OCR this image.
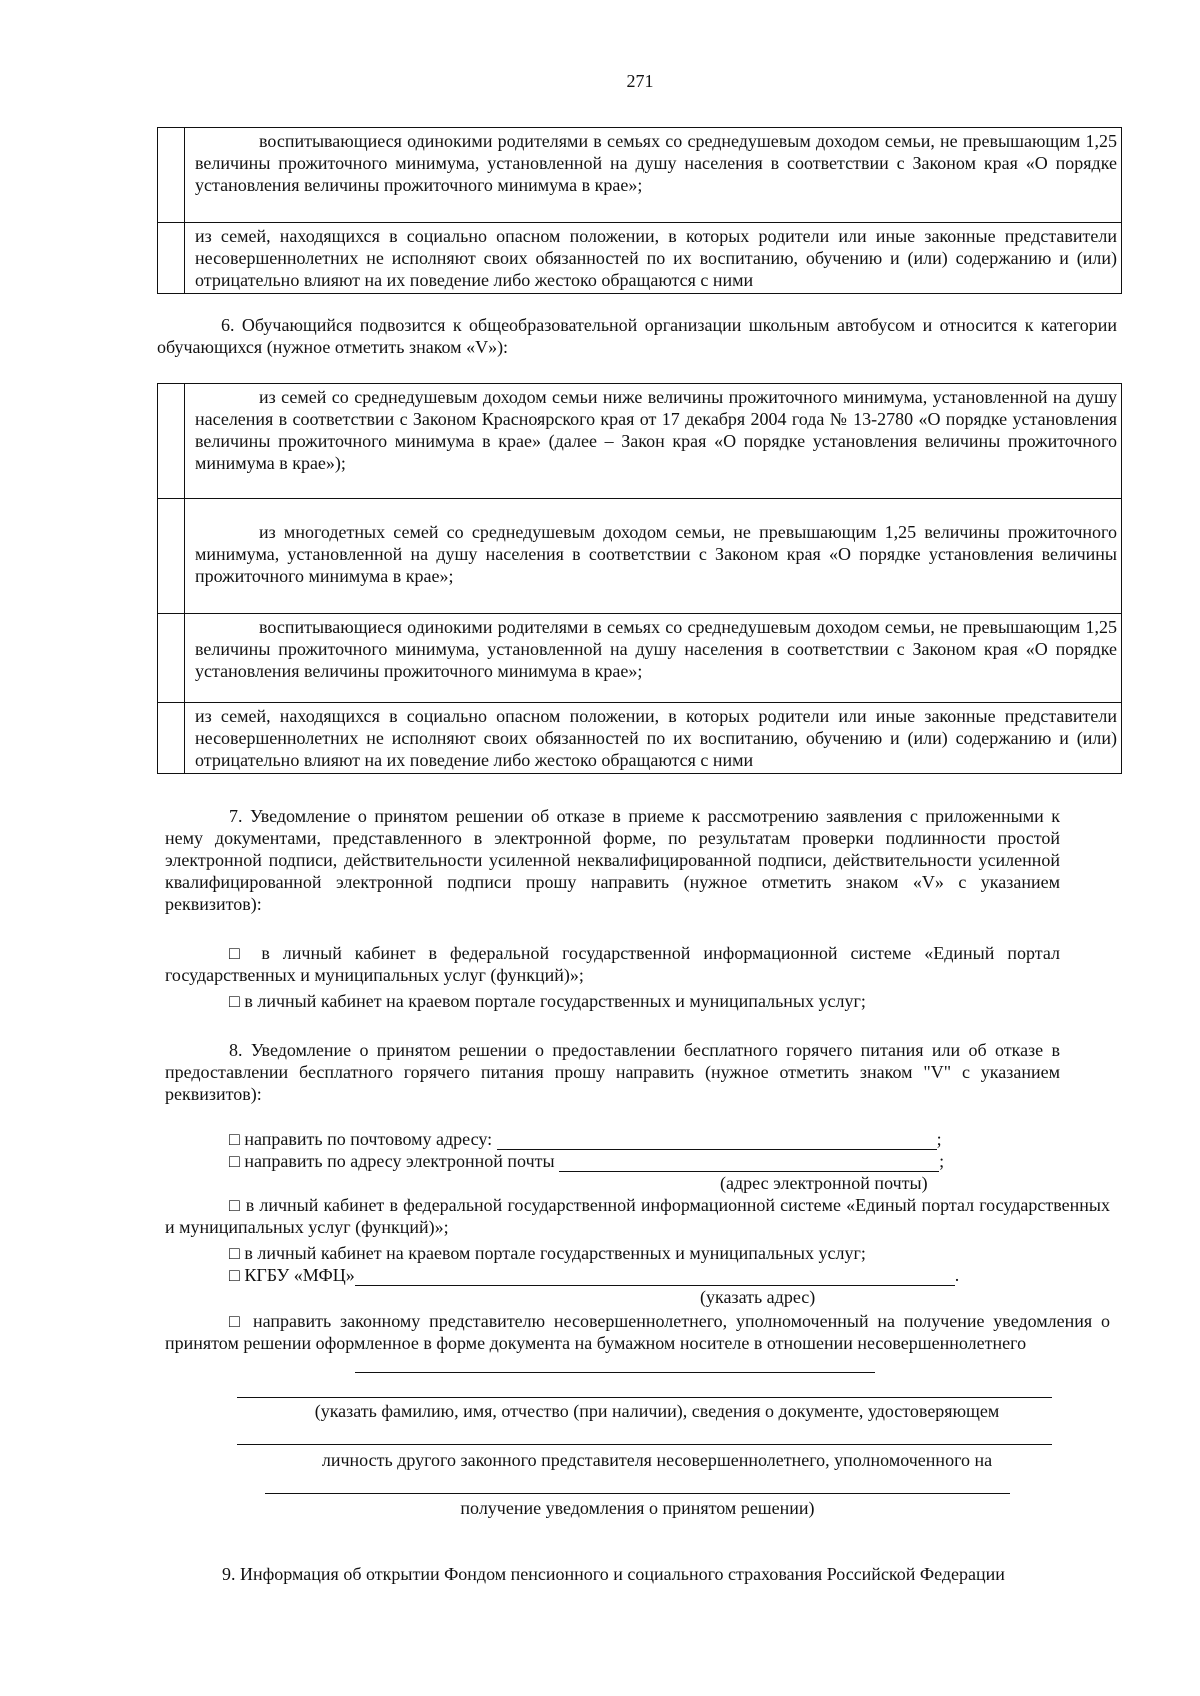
271
	воспитывающиеся одинокими родителями в семьях со среднедушевым доходом семьи, не превышающим 1,25 величины прожиточного минимума, установленной на душу населения в соответствии с Законом края «О порядке установления величины прожиточного минимума в крае»;
	из семей, находящихся в социально опасном положении, в которых родители или иные законные представители несовершеннолетних не исполняют своих обязанностей по их воспитанию, обучению и (или) содержанию и (или) отрицательно влияют на их поведение либо жестоко обращаются с ними

6. Обучающийся подвозится к общеобразовательной организации школьным автобусом и относится к категории обучающихся (нужное отметить знаком «V»):

	из семей со среднедушевым доходом семьи ниже величины прожиточного минимума, установленной на душу населения в соответствии с Законом Красноярского края от 17 декабря 2004 года № 13-2780 «О порядке установления величины прожиточного минимума в крае» (далее – Закон края «О порядке установления величины прожиточного минимума в крае»);
	из многодетных семей со среднедушевым доходом семьи, не превышающим 1,25 величины прожиточного минимума, установленной на душу населения в соответствии с Законом края «О порядке установления величины прожиточного минимума в крае»;
	воспитывающиеся одинокими родителями в семьях со среднедушевым доходом семьи, не превышающим 1,25 величины прожиточного минимума, установленной на душу населения в соответствии с Законом края «О порядке установления величины прожиточного минимума в крае»;
	из семей, находящихся в социально опасном положении, в которых родители или иные законные представители несовершеннолетних не исполняют своих обязанностей по их воспитанию, обучению и (или) содержанию и (или) отрицательно влияют на их поведение либо жестоко обращаются с ними

7. Уведомление о принятом решении об отказе в приеме к рассмотрению заявления с приложенными к нему документами, представленного в электронной форме, по результатам проверки подлинности простой электронной подписи, действительности усиленной неквалифицированной подписи, действительности усиленной квалифицированной электронной подписи прошу направить (нужное отметить знаком «V» с указанием реквизитов):

□ в личный кабинет в федеральной государственной информационной системе «Единый портал государственных и муниципальных услуг (функций)»;

□ в личный кабинет на краевом портале государственных и муниципальных услуг;

8. Уведомление о принятом решении о предоставлении бесплатного горячего питания или об отказе в предоставлении бесплатного горячего питания прошу направить (нужное отметить знаком "V" с указанием реквизитов):

□ направить по почтовому адресу:	;
□ направить по адресу электронной почты	;
(адрес электронной почты)

□ в личный кабинет в федеральной государственной информационной системе «Единый портал государственных и муниципальных услуг (функций)»;

□ в личный кабинет на краевом портале государственных и муниципальных услуг;

□ КГБУ «МФЦ»	.
(указать адрес)

□ направить законному представителю несовершеннолетнего, уполномоченный на получение уведомления о принятом решении оформленное в форме документа на бумажном носителе в отношении несовершеннолетнего

(указать фамилию, имя, отчество (при наличии), сведения о документе, удостоверяющем
личность другого законного представителя несовершеннолетнего, уполномоченного на
получение уведомления о принятом решении)

9. Информация об открытии Фондом пенсионного и социального страхования Российской Федерации
